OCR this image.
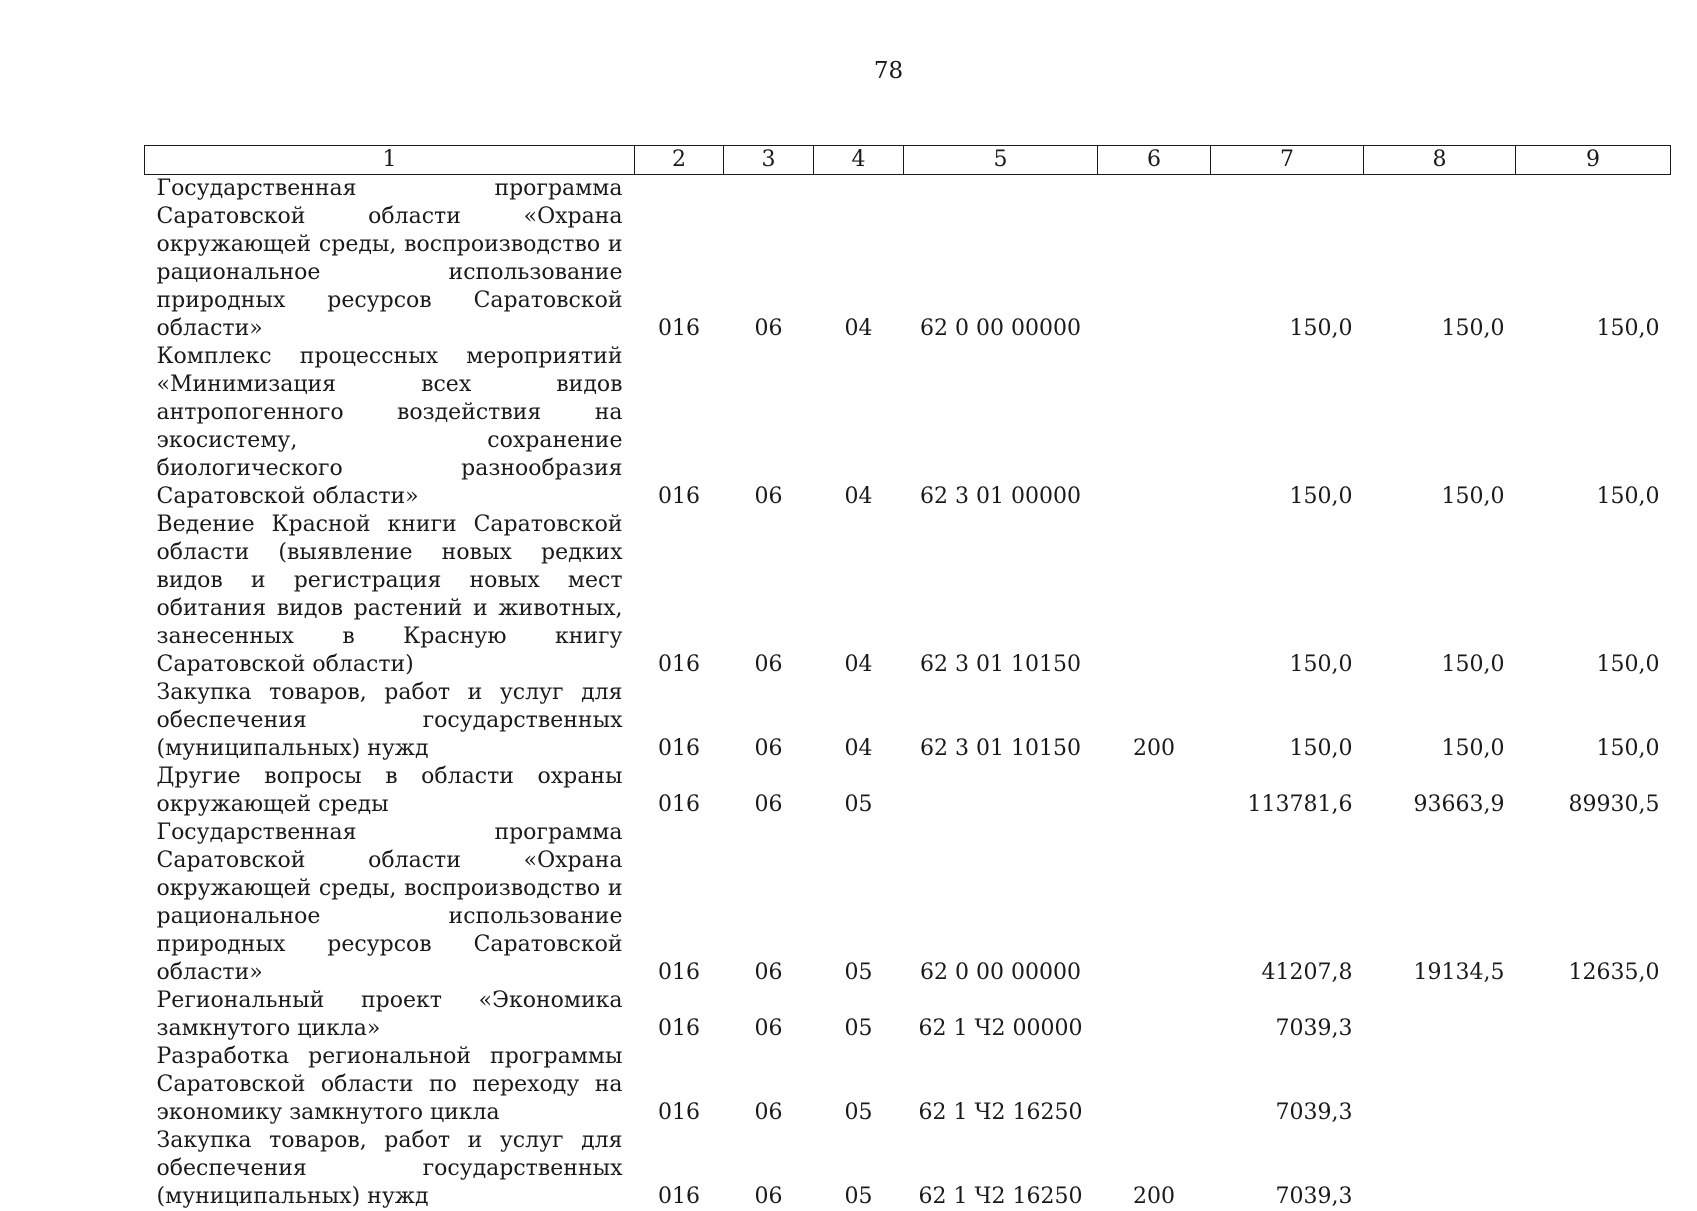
78
1	2	3	4	5	6	7	8	9
Государственная программа Саратовской области «Охрана окружающей среды, воспроизводство и рациональное использование природных ресурсов Саратовской области»	016	06	04	62 0 00 00000		150,0	150,0	150,0
Комплекс процессных мероприятий «Минимизация всех видов антропогенного воздействия на экосистему, сохранение биологического разнообразия Саратовской области»	016	06	04	62 3 01 00000		150,0	150,0	150,0
Ведение Красной книги Саратовской области (выявление новых редких видов и регистрация новых мест обитания видов растений и животных, занесенных в Красную книгу Саратовской области)	016	06	04	62 3 01 10150		150,0	150,0	150,0
Закупка товаров, работ и услуг для обеспечения государственных (муниципальных) нужд	016	06	04	62 3 01 10150	200	150,0	150,0	150,0
Другие вопросы в области охраны окружающей среды	016	06	05			113781,6	93663,9	89930,5
Государственная программа Саратовской области «Охрана окружающей среды, воспроизводство и рациональное использование природных ресурсов Саратовской области»	016	06	05	62 0 00 00000		41207,8	19134,5	12635,0
Региональный проект «Экономика замкнутого цикла»	016	06	05	62 1 Ч2 00000		7039,3		
Разработка региональной программы Саратовской области по переходу на экономику замкнутого цикла	016	06	05	62 1 Ч2 16250		7039,3		
Закупка товаров, работ и услуг для обеспечения государственных (муниципальных) нужд	016	06	05	62 1 Ч2 16250	200	7039,3		
